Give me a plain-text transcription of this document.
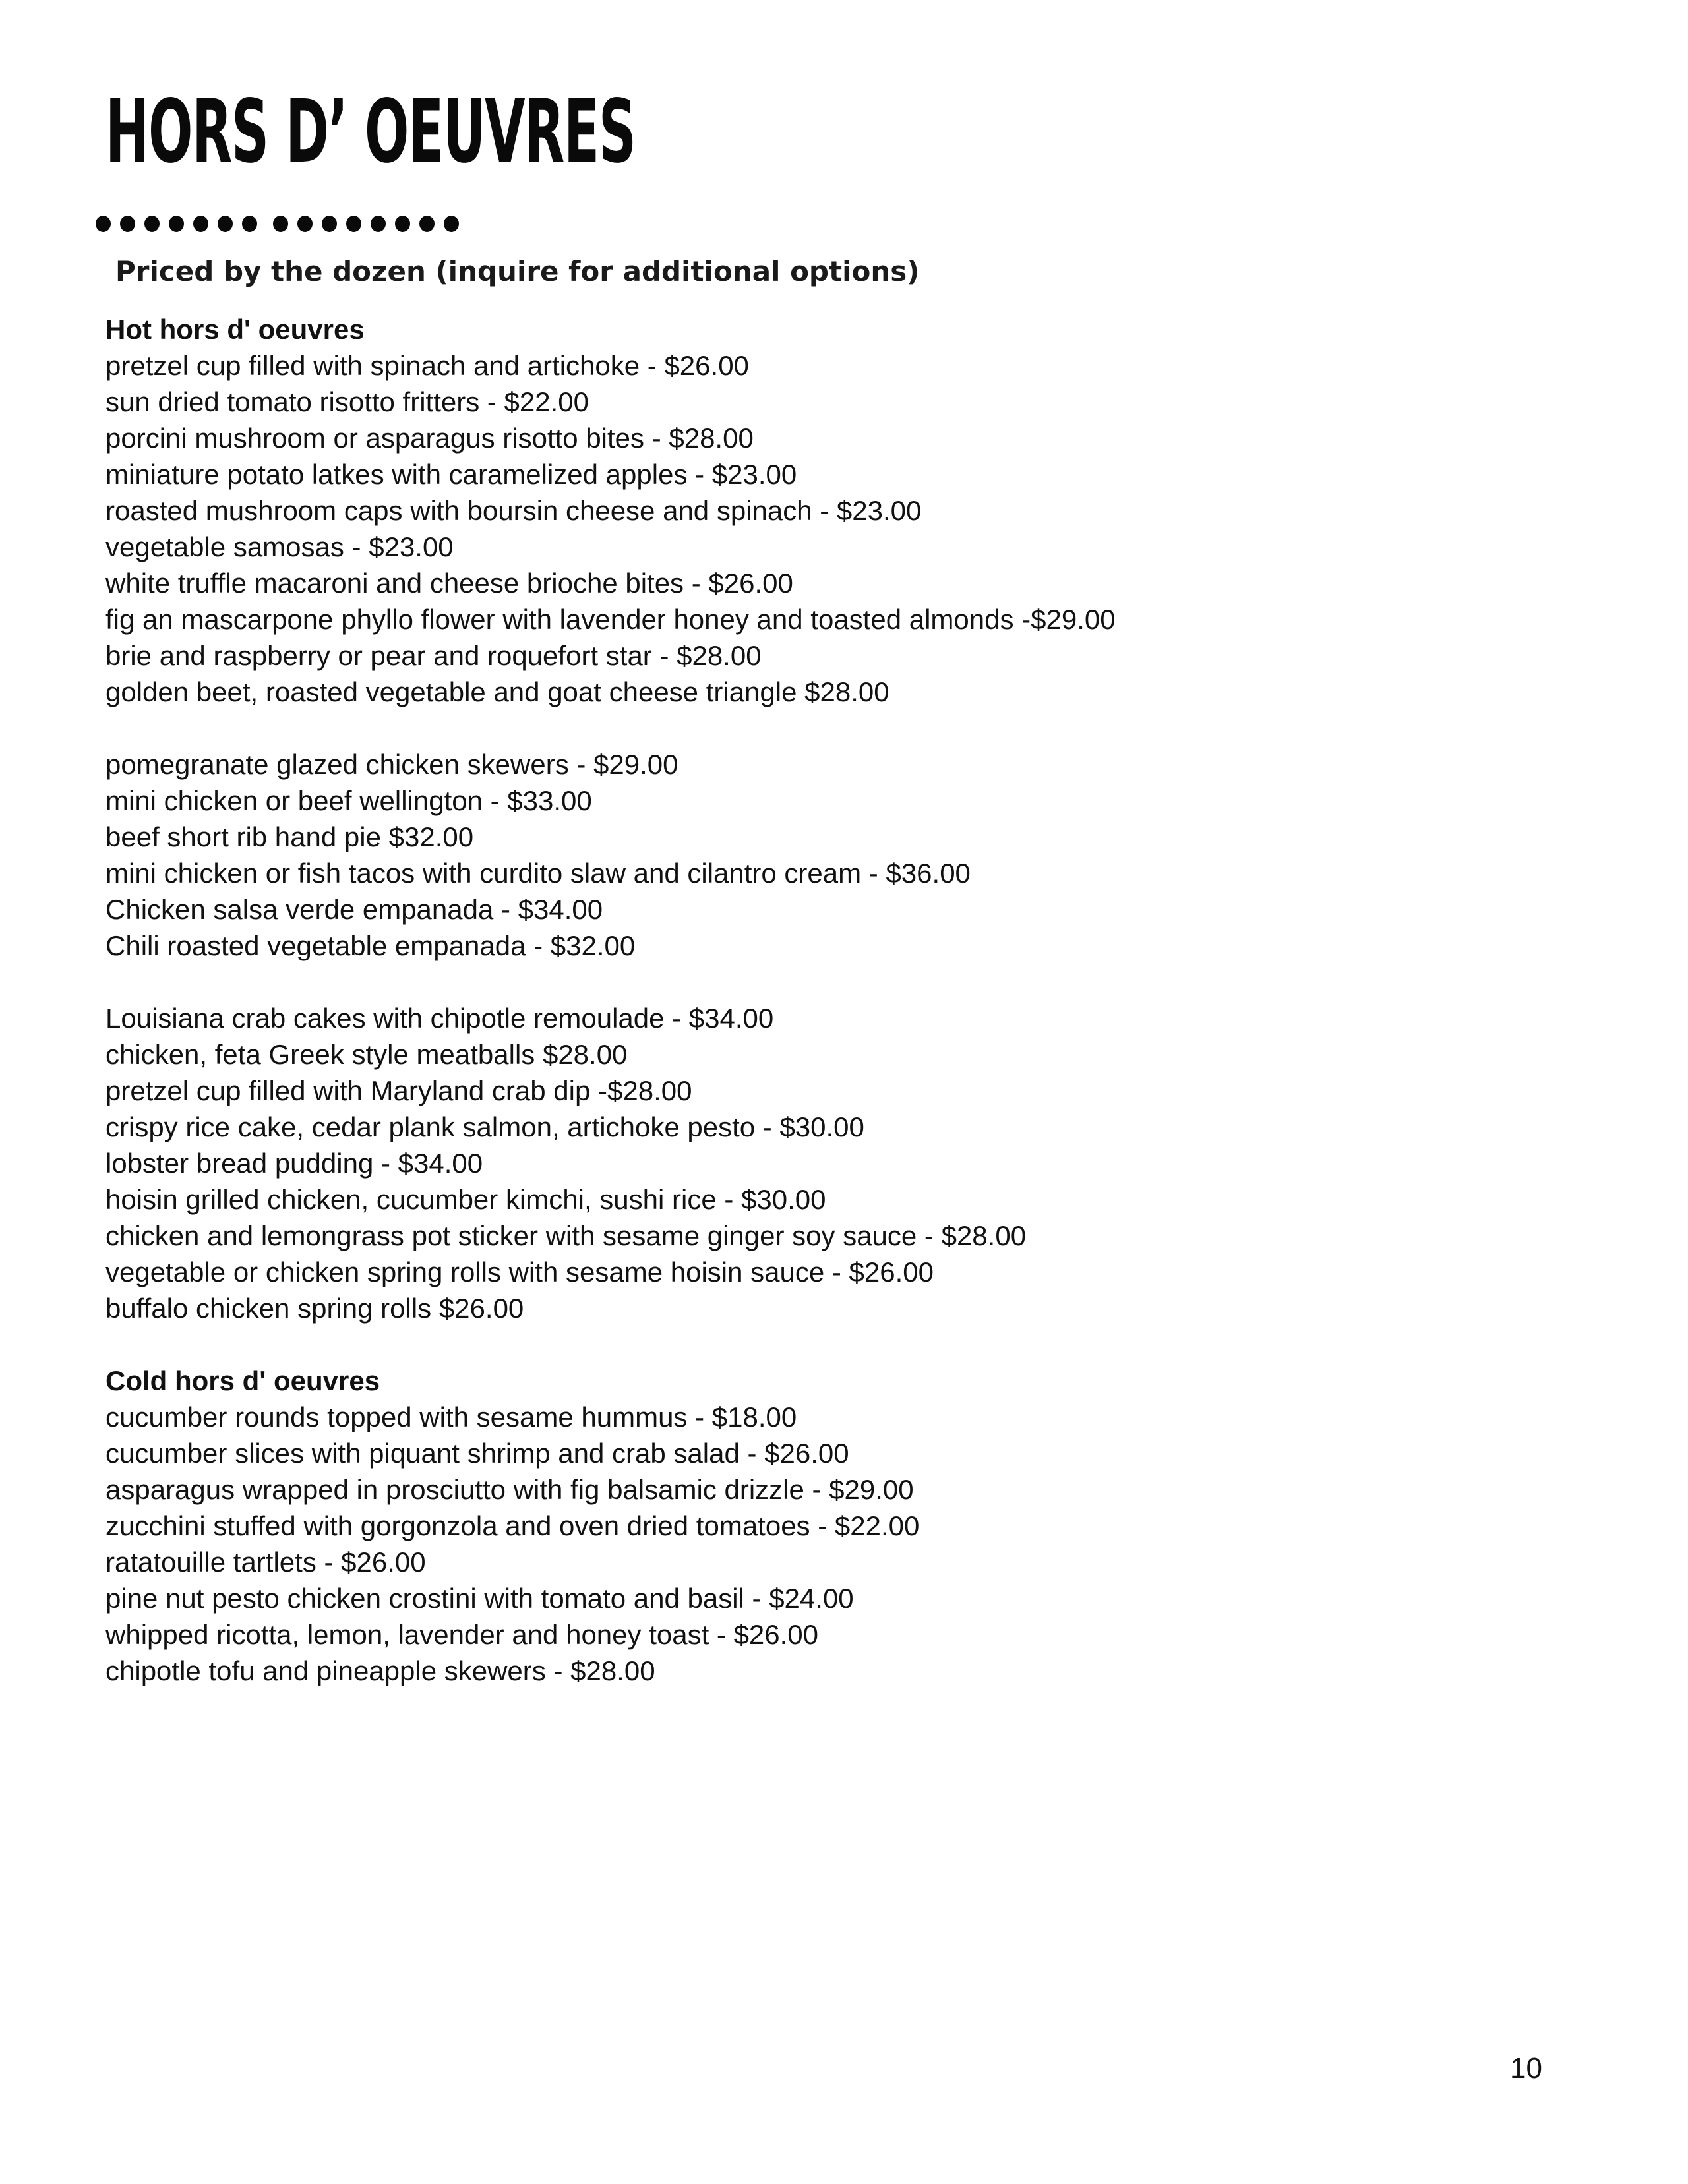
HORS D’ OEUVRES

Priced by the dozen (inquire for additional options)

Hot hors d' oeuvres

pretzel cup filled with spinach and artichoke - $26.00

sun dried tomato risotto fritters - $22.00

porcini mushroom or asparagus risotto bites - $28.00

miniature potato latkes with caramelized apples - $23.00

roasted mushroom caps with boursin cheese and spinach - $23.00

vegetable samosas - $23.00

white truffle macaroni and cheese brioche bites - $26.00

fig an mascarpone phyllo flower with lavender honey and toasted almonds -$29.00

brie and raspberry or pear and roquefort star - $28.00

golden beet, roasted vegetable and goat cheese triangle $28.00

pomegranate glazed chicken skewers - $29.00

mini chicken or beef wellington - $33.00

beef short rib hand pie $32.00

mini chicken or fish tacos with curdito slaw and cilantro cream - $36.00

Chicken salsa verde empanada - $34.00

Chili roasted vegetable empanada - $32.00

Louisiana crab cakes with chipotle remoulade - $34.00

chicken, feta Greek style meatballs $28.00

pretzel cup filled with Maryland crab dip -$28.00

crispy rice cake, cedar plank salmon, artichoke pesto - $30.00

lobster bread pudding - $34.00

hoisin grilled chicken, cucumber kimchi, sushi rice - $30.00

chicken and lemongrass pot sticker with sesame ginger soy sauce - $28.00

vegetable or chicken spring rolls with sesame hoisin sauce - $26.00

buffalo chicken spring rolls $26.00

Cold hors d' oeuvres

cucumber rounds topped with sesame hummus - $18.00

cucumber slices with piquant shrimp and crab salad - $26.00

asparagus wrapped in prosciutto with fig balsamic drizzle - $29.00

zucchini stuffed with gorgonzola and oven dried tomatoes - $22.00

ratatouille tartlets - $26.00

pine nut pesto chicken crostini with tomato and basil - $24.00

whipped ricotta, lemon, lavender and honey toast - $26.00

chipotle tofu and pineapple skewers - $28.00

10
